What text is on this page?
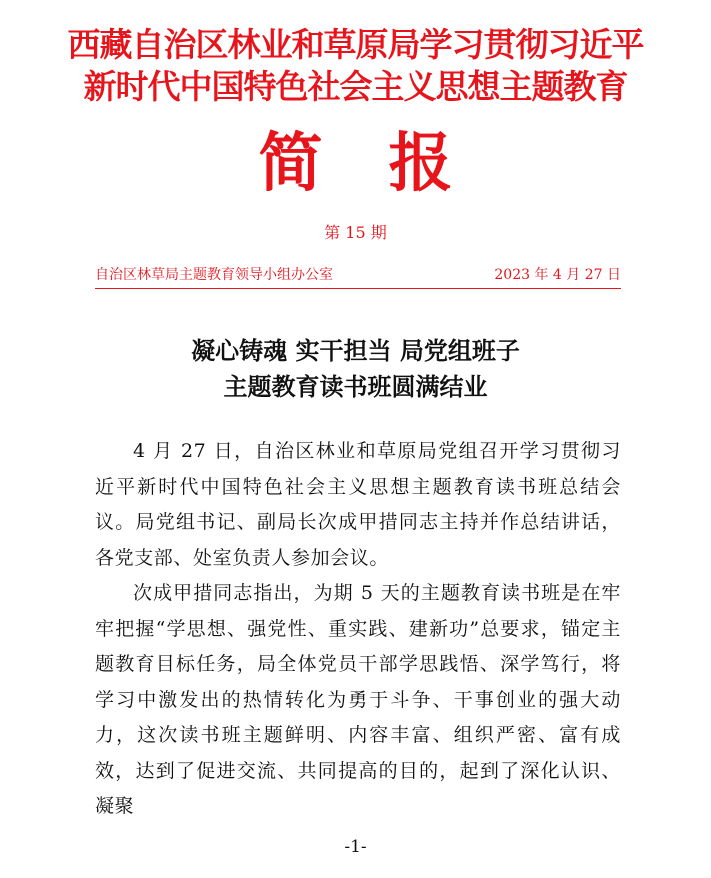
西藏自治区林业和草原局学习贯彻习近平
新时代中国特色社会主义思想主题教育
简 报
第 15 期
自治区林草局主题教育领导小组办公室	2023 年 4 月 27 日
凝心铸魂 实干担当 局党组班子
主题教育读书班圆满结业

4 月 27 日，自治区林业和草原局党组召开学习贯彻习近平新时代中国特色社会主义思想主题教育读书班总结会议。局党组书记、副局长次成甲措同志主持并作总结讲话，各党支部、处室负责人参加会议。

次成甲措同志指出，为期 5 天的主题教育读书班是在牢牢把握“学思想、强党性、重实践、建新功”总要求，锚定主题教育目标任务，局全体党员干部学思践悟、深学笃行，将学习中激发出的热情转化为勇于斗争、干事创业的强大动力，这次读书班主题鲜明、内容丰富、组织严密、富有成效，达到了促进交流、共同提高的目的，起到了深化认识、凝聚

-1-
